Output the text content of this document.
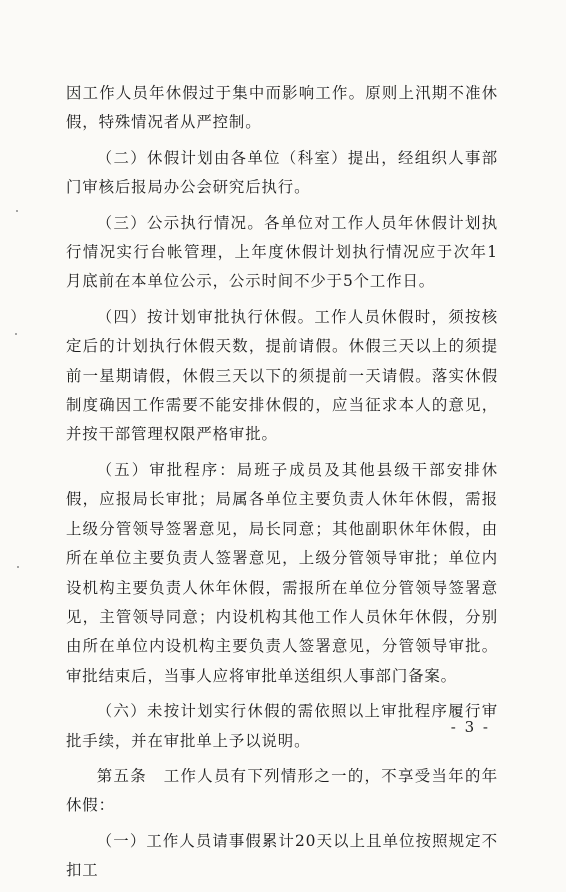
因工作人员年休假过于集中而影响工作。原则上汛期不准休假，特殊情况者从严控制。

（二）休假计划由各单位（科室）提出，经组织人事部门审核后报局办公会研究后执行。

（三）公示执行情况。各单位对工作人员年休假计划执行情况实行台帐管理，上年度休假计划执行情况应于次年1月底前在本单位公示，公示时间不少于5个工作日。

（四）按计划审批执行休假。工作人员休假时，须按核定后的计划执行休假天数，提前请假。休假三天以上的须提前一星期请假，休假三天以下的须提前一天请假。落实休假制度确因工作需要不能安排休假的，应当征求本人的意见，并按干部管理权限严格审批。

（五）审批程序：局班子成员及其他县级干部安排休假，应报局长审批；局属各单位主要负责人休年休假，需报上级分管领导签署意见，局长同意；其他副职休年休假，由所在单位主要负责人签署意见，上级分管领导审批；单位内设机构主要负责人休年休假，需报所在单位分管领导签署意见，主管领导同意；内设机构其他工作人员休年休假，分别由所在单位内设机构主要负责人签署意见，分管领导审批。审批结束后，当事人应将审批单送组织人事部门备案。

（六）未按计划实行休假的需依照以上审批程序履行审批手续，并在审批单上予以说明。

第五条　工作人员有下列情形之一的，不享受当年的年休假：

（一）工作人员请事假累计20天以上且单位按照规定不扣工

- 3 -
